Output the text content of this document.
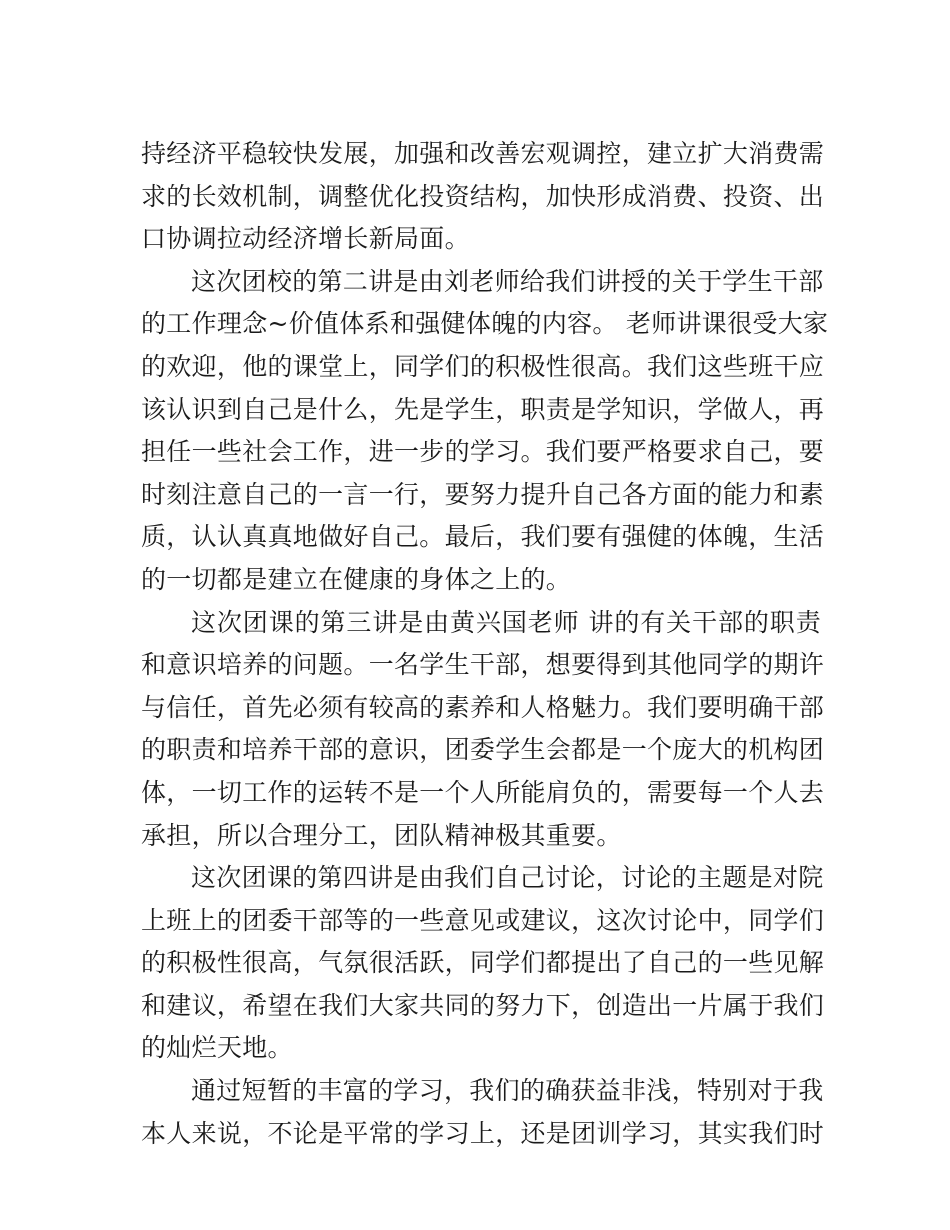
持经济平稳较快发展，加强和改善宏观调控，建立扩大消费需
求的长效机制，调整优化投资结构，加快形成消费、投资、出
口协调拉动经济增长新局面。
这次团校的第二讲是由刘老师给我们讲授的关于学生干部
的工作理念~价值体系和强健体魄的内容。 老师讲课很受大家
的欢迎，他的课堂上，同学们的积极性很高。我们这些班干应
该认识到自己是什么，先是学生，职责是学知识，学做人，再
担任一些社会工作，进一步的学习。我们要严格要求自己，要
时刻注意自己的一言一行，要努力提升自己各方面的能力和素
质，认认真真地做好自己。最后，我们要有强健的体魄，生活
的一切都是建立在健康的身体之上的。
这次团课的第三讲是由黄兴国老师 讲的有关干部的职责
和意识培养的问题。一名学生干部，想要得到其他同学的期许
与信任，首先必须有较高的素养和人格魅力。我们要明确干部
的职责和培养干部的意识，团委学生会都是一个庞大的机构团
体，一切工作的运转不是一个人所能肩负的，需要每一个人去
承担，所以合理分工，团队精神极其重要。
这次团课的第四讲是由我们自己讨论，讨论的主题是对院
上班上的团委干部等的一些意见或建议，这次讨论中，同学们
的积极性很高，气氛很活跃，同学们都提出了自己的一些见解
和建议，希望在我们大家共同的努力下，创造出一片属于我们
的灿烂天地。
通过短暂的丰富的学习，我们的确获益非浅，特别对于我
本人来说，不论是平常的学习上，还是团训学习，其实我们时
